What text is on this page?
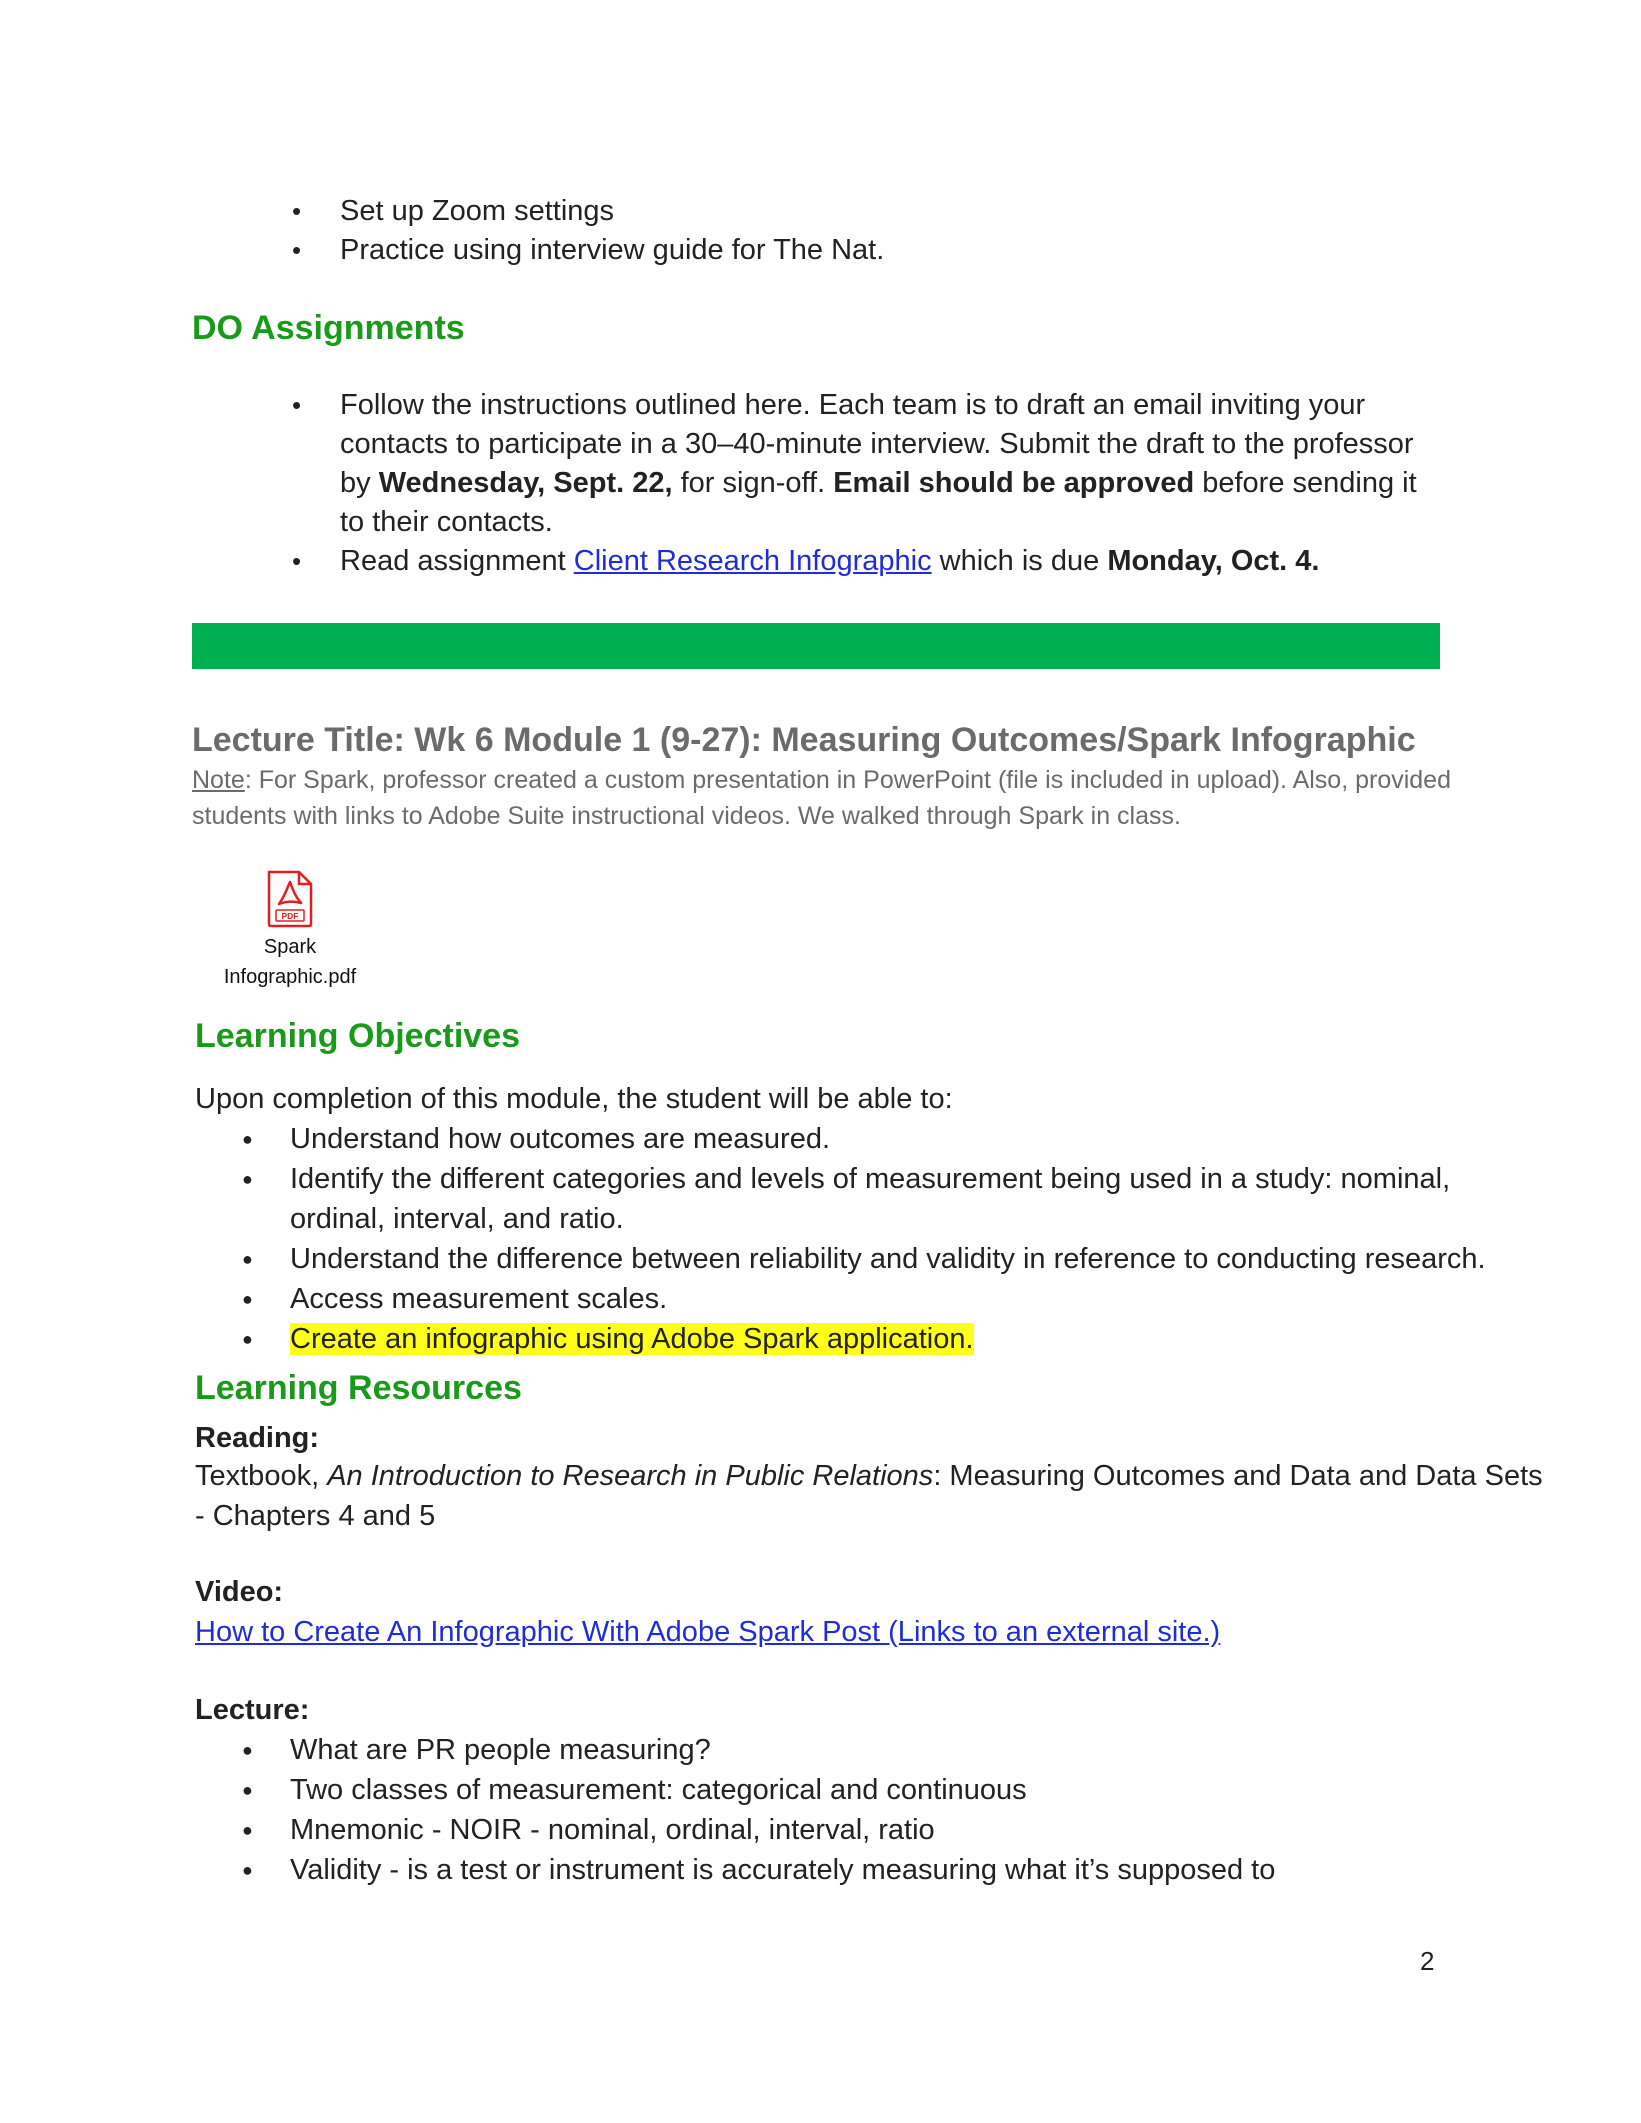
• Set up Zoom settings
• Practice using interview guide for The Nat.
DO Assignments
• Follow the instructions outlined here. Each team is to draft an email inviting your contacts to participate in a 30–40-minute interview. Submit the draft to the professor by Wednesday, Sept. 22, for sign-off. Email should be approved before sending it to their contacts.
• Read assignment Client Research Infographic which is due Monday, Oct. 4.
Lecture Title: Wk 6 Module 1 (9-27): Measuring Outcomes/Spark Infographic
Note: For Spark, professor created a custom presentation in PowerPoint (file is included in upload). Also, provided students with links to Adobe Suite instructional videos. We walked through Spark in class.
PDF
Spark
Infographic.pdf
Learning Objectives
Upon completion of this module, the student will be able to:
● Understand how outcomes are measured.
● Identify the different categories and levels of measurement being used in a study: nominal, ordinal, interval, and ratio.
● Understand the difference between reliability and validity in reference to conducting research.
● Access measurement scales.
● Create an infographic using Adobe Spark application.
Learning Resources
Reading:
Textbook, An Introduction to Research in Public Relations: Measuring Outcomes and Data and Data Sets - Chapters 4 and 5
Video:
How to Create An Infographic With Adobe Spark Post (Links to an external site.)
Lecture:
● What are PR people measuring?
● Two classes of measurement: categorical and continuous
● Mnemonic - NOIR - nominal, ordinal, interval, ratio
● Validity - is a test or instrument is accurately measuring what it’s supposed to
2
